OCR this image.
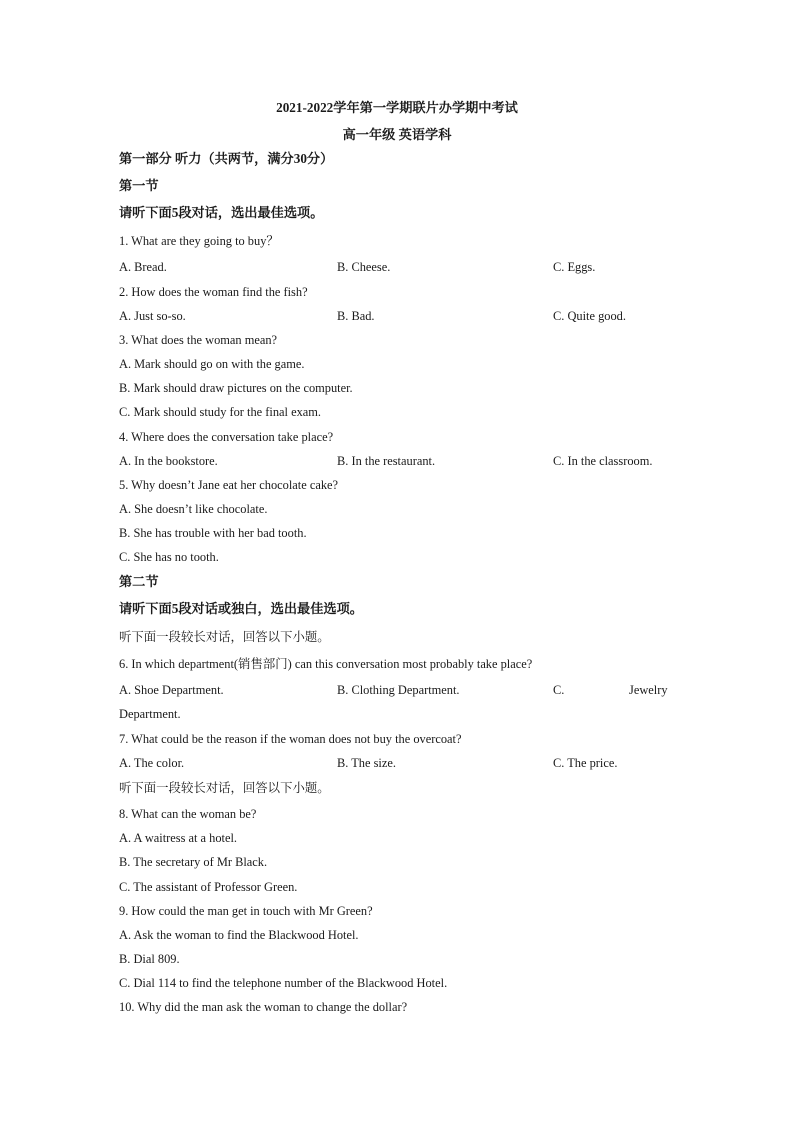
2021-2022学年第一学期联片办学期中考试
高一年级 英语学科
第一部分 听力（共两节，满分30分）
第一节
请听下面5段对话，选出最佳选项。
1. What are they going to buy？
A. Bread.	B. Cheese.	C. Eggs.
2. How does the woman find the fish?
A. Just so-so.	B. Bad.	C. Quite good.
3. What does the woman mean?
A. Mark should go on with the game.
B. Mark should draw pictures on the computer.
C. Mark should study for the final exam.
4. Where does the conversation take place?
A. In the bookstore.	B. In the restaurant.	C. In the classroom.
5. Why doesn’t Jane eat her chocolate cake?
A. She doesn’t like chocolate.
B. She has trouble with her bad tooth.
C. She has no tooth.
第二节
请听下面5段对话或独白，选出最佳选项。
听下面一段较长对话，回答以下小题。
6. In which department(销售部门) can this conversation most probably take place?
A. Shoe Department.	B. Clothing Department.	C.	Jewelry
Department.
7. What could be the reason if the woman does not buy the overcoat?
A. The color.	B. The size.	C. The price.
听下面一段较长对话，回答以下小题。
8. What can the woman be?
A. A waitress at a hotel.
B. The secretary of Mr Black.
C. The assistant of Professor Green.
9. How could the man get in touch with Mr Green?
A. Ask the woman to find the Blackwood Hotel.
B. Dial 809.
C. Dial 114 to find the telephone number of the Blackwood Hotel.
10. Why did the man ask the woman to change the dollar?
